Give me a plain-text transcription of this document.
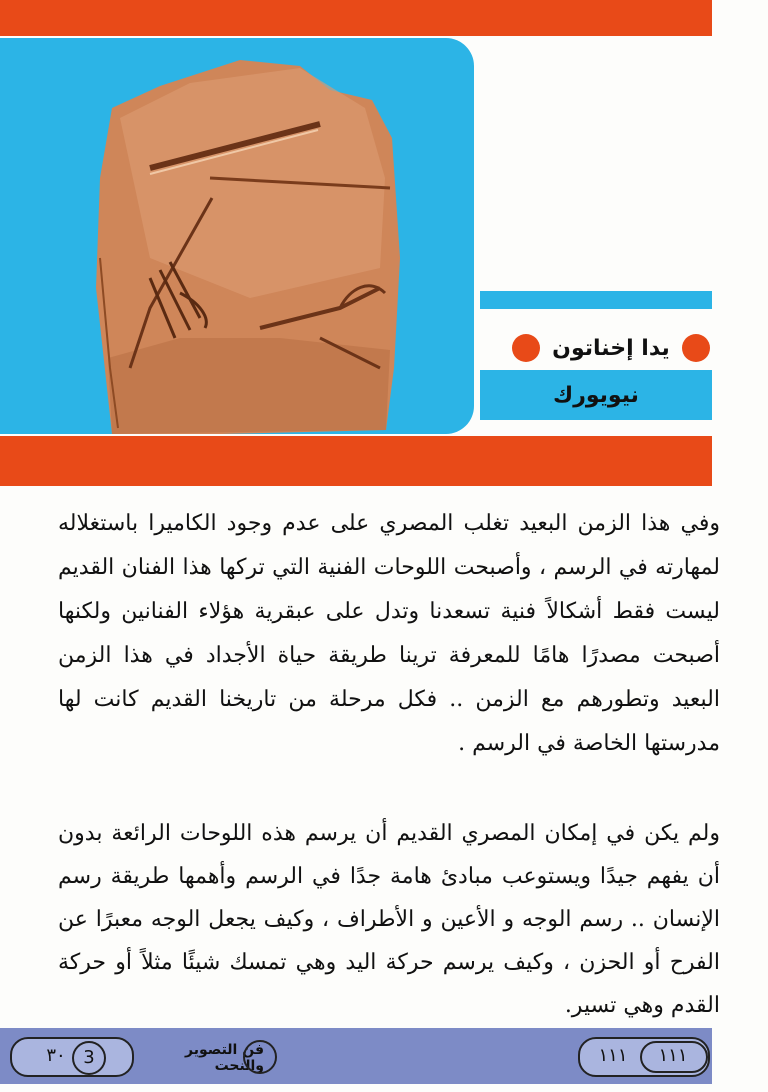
يدا إخناتون
نيويورك

وفي هذا الزمن البعيد تغلب المصري على عدم وجود الكاميرا باستغلاله لمهارته في الرسم ، وأصبحت اللوحات الفنية التي تركها هذا الفنان القديم ليست فقط أشكالاً فنية تسعدنا وتدل على عبقرية هؤلاء الفنانين ولكنها أصبحت مصدرًا هامًا للمعرفة ترينا طريقة حياة الأجداد في هذا الزمن البعيد وتطورهم مع الزمن .. فكل مرحلة من تاريخنا القديم كانت لها مدرستها الخاصة في الرسم .

ولم يكن في إمكان المصري القديم أن يرسم هذه اللوحات الرائعة بدون أن يفهم جيدًا ويستوعب مبادئ هامة جدًا في الرسم وأهمها طريقة رسم الإنسان .. رسم الوجه و الأعين و الأطراف ، وكيف يجعل الوجه معبرًا عن الفرح أو الحزن ، وكيف يرسم حركة اليد وهي تمسك شيئًا مثلاً أو حركة القدم وهي تسير.

٣٠ 3	فن التصوير والنحت	١١١	١١١
